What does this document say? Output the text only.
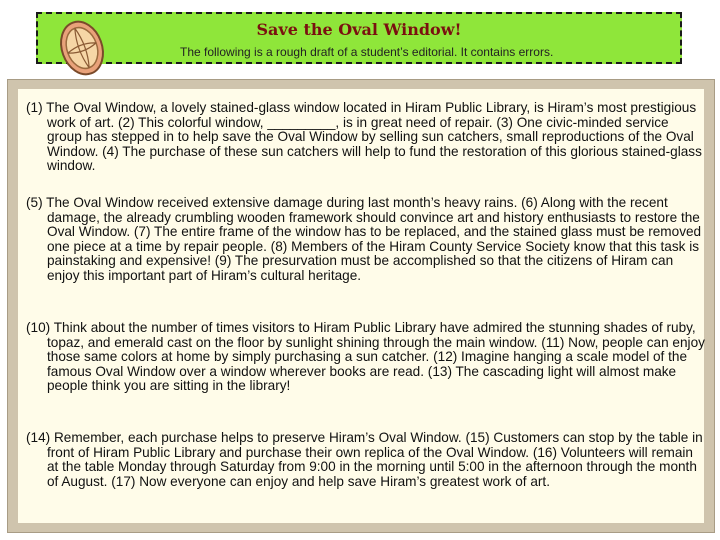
Save the Oval Window!
The following is a rough draft of a student’s editorial. It contains errors.
(1) The Oval Window, a lovely stained-glass window located in Hiram Public Library, is Hiram’s most prestigious work of art. (2) This colorful window, _________, is in great need of repair. (3) One civic-minded service group has stepped in to help save the Oval Window by selling sun catchers, small reproductions of the Oval Window. (4) The purchase of these sun catchers will help to fund the restoration of this glorious stained-glass window.
(5) The Oval Window received extensive damage during last month’s heavy rains. (6) Along with the recent damage, the already crumbling wooden framework should convince art and history enthusiasts to restore the Oval Window. (7) The entire frame of the window has to be replaced, and the stained glass must be removed one piece at a time by repair people. (8) Members of the Hiram County Service Society know that this task is painstaking and expensive! (9) The presurvation must be accomplished so that the citizens of Hiram can enjoy this important part of Hiram’s cultural heritage.
(10) Think about the number of times visitors to Hiram Public Library have admired the stunning shades of ruby, topaz, and emerald cast on the floor by sunlight shining through the main window. (11) Now, people can enjoy those same colors at home by simply purchasing a sun catcher. (12) Imagine hanging a scale model of the famous Oval Window over a window wherever books are read. (13) The cascading light will almost make people think you are sitting in the library!
(14) Remember, each purchase helps to preserve Hiram’s Oval Window. (15) Customers can stop by the table in front of Hiram Public Library and purchase their own replica of the Oval Window. (16) Volunteers will remain at the table Monday through Saturday from 9:00 in the morning until 5:00 in the afternoon through the month of August. (17) Now everyone can enjoy and help save Hiram’s greatest work of art.
